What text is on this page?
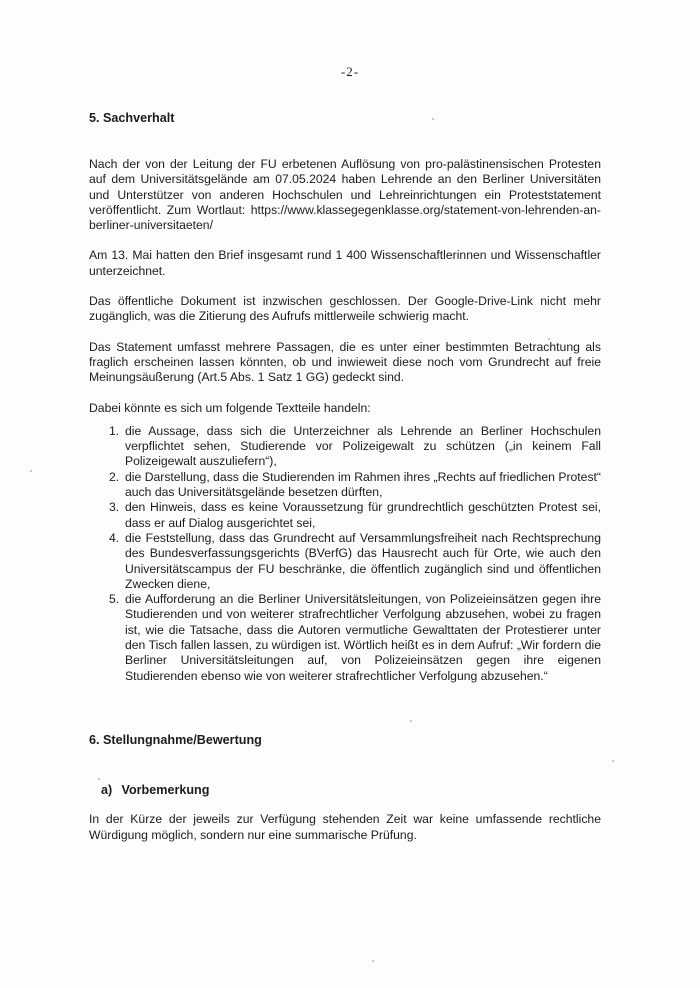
-2-
5. Sachverhalt

Nach der von der Leitung der FU erbetenen Auflösung von pro-palästinensischen Protesten auf dem Universitätsgelände am 07.05.2024 haben Lehrende an den Berliner Universitäten und Unterstützer von anderen Hochschulen und Lehreinrichtungen ein Proteststatement veröffentlicht. Zum Wortlaut: https://www.klassegegenklasse.org/statement-von-lehrenden-an-berliner-universitaeten/

Am 13. Mai hatten den Brief insgesamt rund 1 400 Wissenschaftlerinnen und Wissenschaftler unterzeichnet.

Das öffentliche Dokument ist inzwischen geschlossen. Der Google-Drive-Link nicht mehr zugänglich, was die Zitierung des Aufrufs mittlerweile schwierig macht.

Das Statement umfasst mehrere Passagen, die es unter einer bestimmten Betrachtung als fraglich erscheinen lassen könnten, ob und inwieweit diese noch vom Grundrecht auf freie Meinungsäußerung (Art.5 Abs. 1 Satz 1 GG) gedeckt sind.

Dabei könnte es sich um folgende Textteile handeln:

1. die Aussage, dass sich die Unterzeichner als Lehrende an Berliner Hochschulen verpflichtet sehen, Studierende vor Polizeigewalt zu schützen („in keinem Fall Polizeigewalt auszuliefern“),
2. die Darstellung, dass die Studierenden im Rahmen ihres „Rechts auf friedlichen Protest“ auch das Universitätsgelände besetzen dürften,
3. den Hinweis, dass es keine Voraussetzung für grundrechtlich geschützten Protest sei, dass er auf Dialog ausgerichtet sei,
4. die Feststellung, dass das Grundrecht auf Versammlungsfreiheit nach Rechtsprechung des Bundesverfassungsgerichts (BVerfG) das Hausrecht auch für Orte, wie auch den Universitätscampus der FU beschränke, die öffentlich zugänglich sind und öffentlichen Zwecken diene,
5. die Aufforderung an die Berliner Universitätsleitungen, von Polizeieinsätzen gegen ihre Studierenden und von weiterer strafrechtlicher Verfolgung abzusehen, wobei zu fragen ist, wie die Tatsache, dass die Autoren vermutliche Gewalttaten der Protestierer unter den Tisch fallen lassen, zu würdigen ist. Wörtlich heißt es in dem Aufruf: „Wir fordern die Berliner Universitätsleitungen auf, von Polizeieinsätzen gegen ihre eigenen Studierenden ebenso wie von weiterer strafrechtlicher Verfolgung abzusehen.“
6. Stellungnahme/Bewertung
a) Vorbemerkung

In der Kürze der jeweils zur Verfügung stehenden Zeit war keine umfassende rechtliche Würdigung möglich, sondern nur eine summarische Prüfung.
